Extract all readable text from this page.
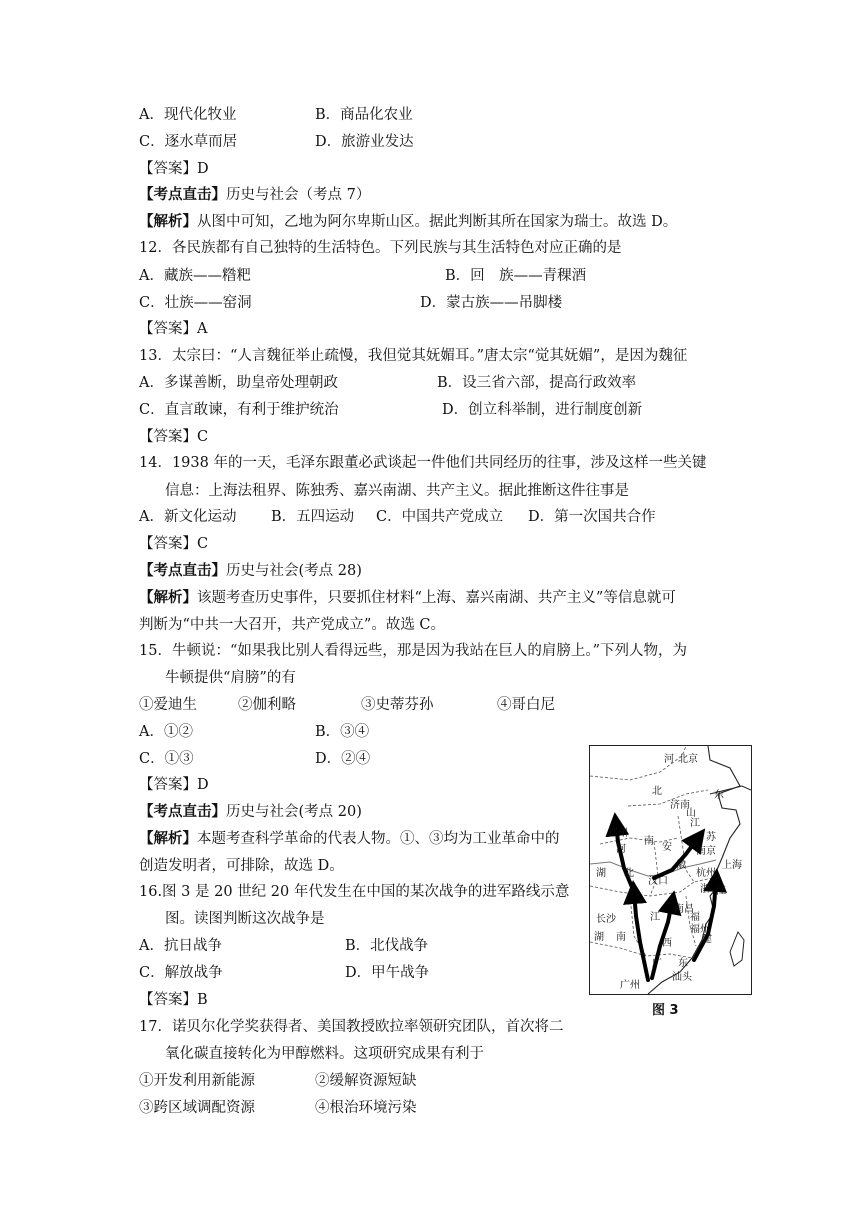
A．现代化牧业	B．商品化农业
C．逐水草而居	D．旅游业发达
【答案】D
【考点直击】历史与社会（考点 7）
【解析】从图中可知，乙地为阿尔卑斯山区。据此判断其所在国家为瑞士。故选 D。
12．各民族都有自己独特的生活特色。下列民族与其生活特色对应正确的是
A．藏族——糌粑	B．回　族——青稞酒
C．壮族——窑洞	D．蒙古族——吊脚楼
【答案】A
13．太宗曰：“人言魏征举止疏慢，我但觉其妩媚耳。”唐太宗“觉其妩媚”，是因为魏征
A．多谋善断，助皇帝处理朝政	B．设三省六部，提高行政效率
C．直言敢谏，有利于维护统治	D．创立科举制，进行制度创新
【答案】C
14．1938 年的一天，毛泽东跟董必武谈起一件他们共同经历的往事，涉及这样一些关键
信息：上海法租界、陈独秀、嘉兴南湖、共产主义。据此推断这件往事是
A．新文化运动 B．五四运动 C．中国共产党成立 D．第一次国共合作
【答案】C
【考点直击】历史与社会(考点 28)
【解析】该题考查历史事件，只要抓住材料“上海、嘉兴南湖、共产主义”等信息就可
判断为“中共一大召开，共产党成立”。故选 C。
15．牛顿说：“如果我比别人看得远些，那是因为我站在巨人的肩膀上。”下列人物，为
牛顿提供“肩膀”的有
①爱迪生	②伽利略	③史蒂芬孙	④哥白尼
A．①②	B．③④
C．①③	D．②④
【答案】D
【考点直击】历史与社会(考点 20)
【解析】本题考查科学革命的代表人物。①、③均为工业革命中的
创造发明者，可排除，故选 D。
16.图 3 是 20 世纪 20 年代发生在中国的某次战争的进军路线示意
图。读图判断这次战争是
A．抗日战争	B．北伐战争
C．解放战争	D．甲午战争
【答案】B
17．诺贝尔化学奖获得者、美国教授欧拉率领研究团队，首次将二
氧化碳直接转化为甲醇燃料。这项研究成果有利于
①开发利用新能源	②缓解资源短缺
③跨区域调配资源	④根治环境污染
河 北京
北
山
东
济南
郑州
河
南
安
徽
江
苏
南京
上海
杭州
浙 江
湖 北
汉口
长沙
湖 南
江
西
南昌
福
建
福州
广 东
汕头
广州
图 3
